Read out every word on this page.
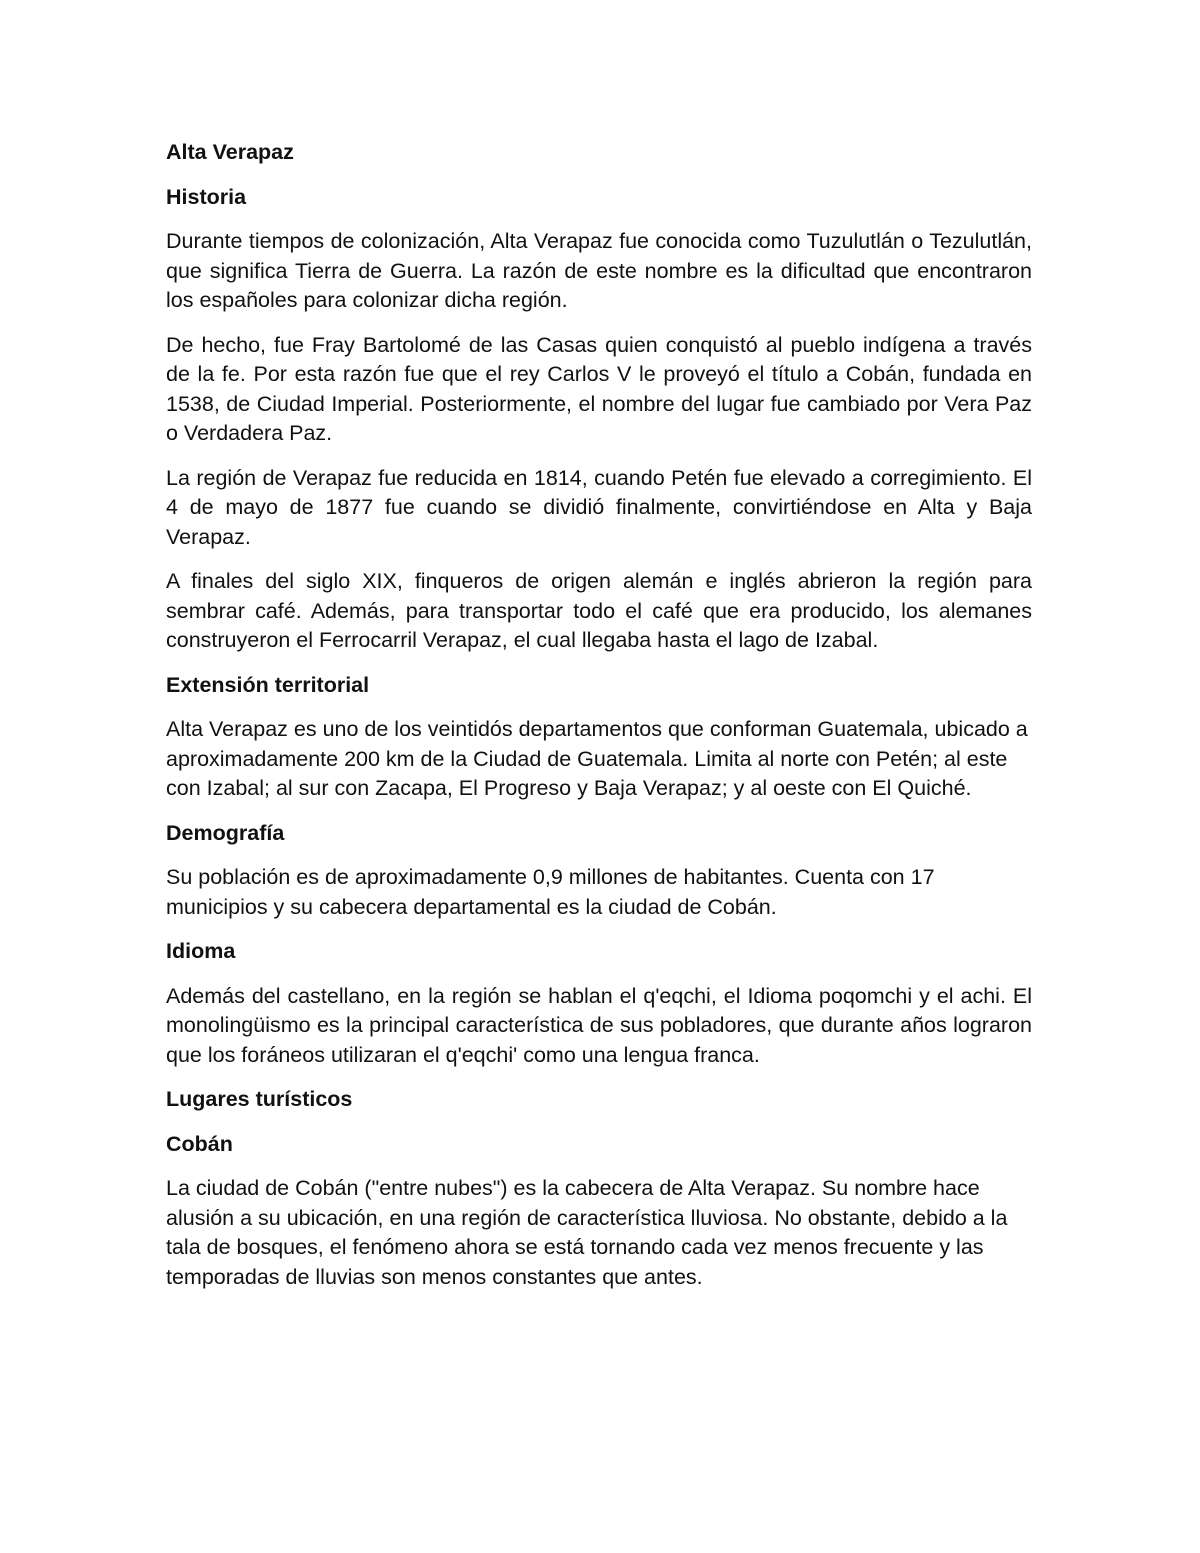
Alta Verapaz
Historia
Durante tiempos de colonización, Alta Verapaz fue conocida como Tuzulutlán o Tezulutlán, que significa Tierra de Guerra. La razón de este nombre es la dificultad que encontraron los españoles para colonizar dicha región.
De hecho, fue Fray Bartolomé de las Casas quien conquistó al pueblo indígena a través de la fe. Por esta razón fue que el rey Carlos V le proveyó el título a Cobán, fundada en 1538, de Ciudad Imperial. Posteriormente, el nombre del lugar fue cambiado por Vera Paz o Verdadera Paz.
La región de Verapaz fue reducida en 1814, cuando Petén fue elevado a corregimiento. El 4 de mayo de 1877 fue cuando se dividió finalmente, convirtiéndose en Alta y Baja Verapaz.
A finales del siglo XIX, finqueros de origen alemán e inglés abrieron la región para sembrar café. Además, para transportar todo el café que era producido, los alemanes construyeron el Ferrocarril Verapaz, el cual llegaba hasta el lago de Izabal.
Extensión territorial
Alta Verapaz es uno de los veintidós departamentos que conforman Guatemala, ubicado a aproximadamente 200 km de la Ciudad de Guatemala. Limita al norte con Petén; al este con Izabal; al sur con Zacapa, El Progreso y Baja Verapaz; y al oeste con El Quiché.
Demografía
Su población es de aproximadamente 0,9 millones de habitantes. Cuenta con 17 municipios y su cabecera departamental es la ciudad de Cobán.
Idioma
Además del castellano, en la región se hablan el q'eqchi, el Idioma poqomchi y el achi. El monolingüismo es la principal característica de sus pobladores, que durante años lograron que los foráneos utilizaran el q'eqchi' como una lengua franca.
Lugares turísticos
Cobán
La ciudad de Cobán ("entre nubes") es la cabecera de Alta Verapaz. Su nombre hace alusión a su ubicación, en una región de característica lluviosa. No obstante, debido a la tala de bosques, el fenómeno ahora se está tornando cada vez menos frecuente y las temporadas de lluvias son menos constantes que antes.
